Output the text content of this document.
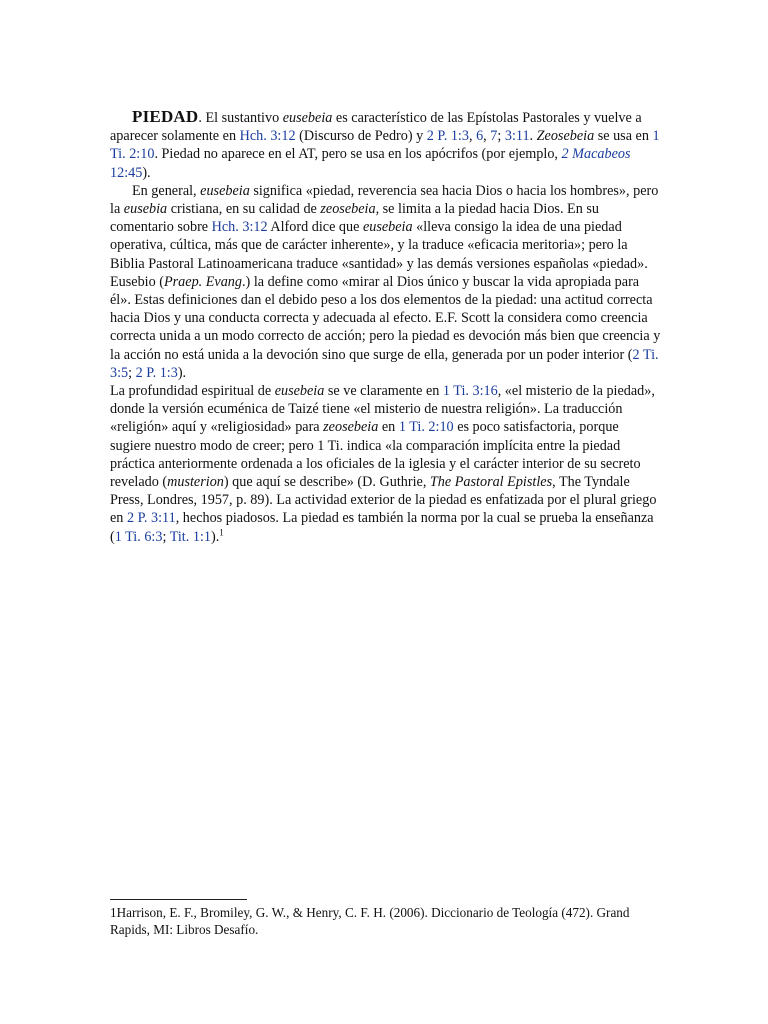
PIEDAD. El sustantivo eusebeia es característico de las Epístolas Pastorales y vuelve a aparecer solamente en Hch. 3:12 (Discurso de Pedro) y 2 P. 1:3, 6, 7; 3:11. Zeosebeia se usa en 1 Ti. 2:10. Piedad no aparece en el AT, pero se usa en los apócrifos (por ejemplo, 2 Macabeos 12:45).

En general, eusebeia significa «piedad, reverencia sea hacia Dios o hacia los hombres», pero la eusebia cristiana, en su calidad de zeosebeia, se limita a la piedad hacia Dios. En su comentario sobre Hch. 3:12 Alford dice que eusebeia «lleva consigo la idea de una piedad operativa, cúltica, más que de carácter inherente», y la traduce «eficacia meritoria»; pero la Biblia Pastoral Latinoamericana traduce «santidad» y las demás versiones españolas «piedad». Eusebio (Praep. Evang.) la define como «mirar al Dios único y buscar la vida apropiada para él». Estas definiciones dan el debido peso a los dos elementos de la piedad: una actitud correcta hacia Dios y una conducta correcta y adecuada al efecto. E.F. Scott la considera como creencia correcta unida a un modo correcto de acción; pero la piedad es devoción más bien que creencia y la acción no está unida a la devoción sino que surge de ella, generada por un poder interior (2 Ti. 3:5; 2 P. 1:3).

La profundidad espiritual de eusebeia se ve claramente en 1 Ti. 3:16, «el misterio de la piedad», donde la versión ecuménica de Taizé tiene «el misterio de nuestra religión». La traducción «religión» aquí y «religiosidad» para zeosebeia en 1 Ti. 2:10 es poco satisfactoria, porque sugiere nuestro modo de creer; pero 1 Ti. indica «la comparación implícita entre la piedad práctica anteriormente ordenada a los oficiales de la iglesia y el carácter interior de su secreto revelado (musterion) que aquí se describe» (D. Guthrie, The Pastoral Epistles, The Tyndale Press, Londres, 1957, p. 89). La actividad exterior de la piedad es enfatizada por el plural griego en 2 P. 3:11, hechos piadosos. La piedad es también la norma por la cual se prueba la enseñanza (1 Ti. 6:3; Tit. 1:1).$^1$

1Harrison, E. F., Bromiley, G. W., & Henry, C. F. H. (2006). Diccionario de Teología (472). Grand Rapids, MI: Libros Desafío.
